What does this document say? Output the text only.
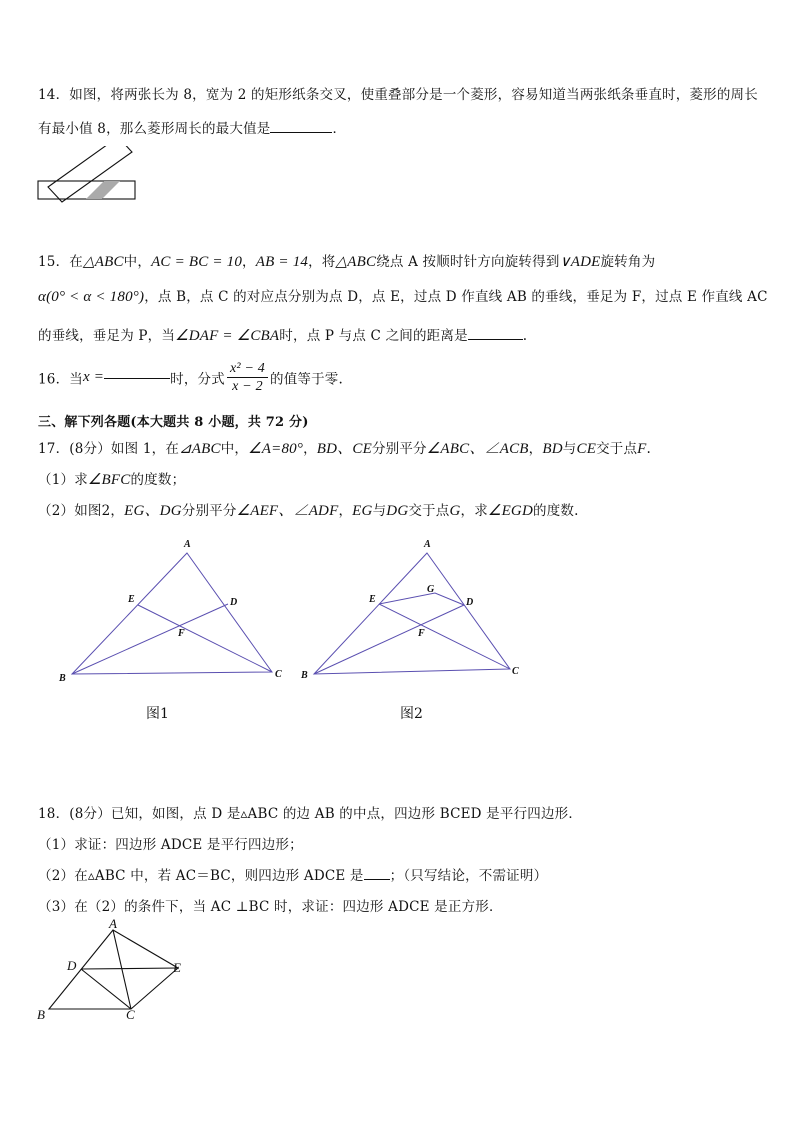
14．如图，将两张长为 8，宽为 2 的矩形纸条交叉，使重叠部分是一个菱形，容易知道当两张纸条垂直时，菱形的周长
有最小值 8，那么菱形周长的最大值是	．
15．在△ABC中，AC = BC = 10，AB = 14，将△ABC绕点 A 按顺时针方向旋转得到∨ADE旋转角为
α(0° < α < 180°)，点 B，点 C 的对应点分别为点 D，点 E，过点 D 作直线 AB 的垂线，垂足为 F，过点 E 作直线 AC
的垂线，垂足为 P，当∠DAF = ∠CBA时，点 P 与点 C 之间的距离是	.
16．当x =	时，分式 $\frac{\text{x² − 4}}{x - 2}$ 的值等于零.
三、解下列各题(本大题共 8 小题，共 72 分)
17．(8分）如图 1，在⊿ABC中，∠A=80°，BD、CE分别平分∠ABC、∠ACB，BD与CE交于点F.
（1）求∠BFC的度数；
（2）如图2，EG、DG分别平分∠AEF、∠ADF，EG与DG交于点G，求∠EGD的度数.
A
B	C
D
E
F
图1
A
B	C
D
E
F
G
图2
18．(8分）已知，如图，点 D 是▵ABC 的边 AB 的中点，四边形 BCED 是平行四边形．
（1）求证：四边形 ADCE 是平行四边形；
（2）在▵ABC 中，若 AC＝BC，则四边形 ADCE 是 ；（只写结论，不需证明）
（3）在（2）的条件下，当 AC ⊥BC 时，求证：四边形 ADCE 是正方形．
A
B	C
D	E
